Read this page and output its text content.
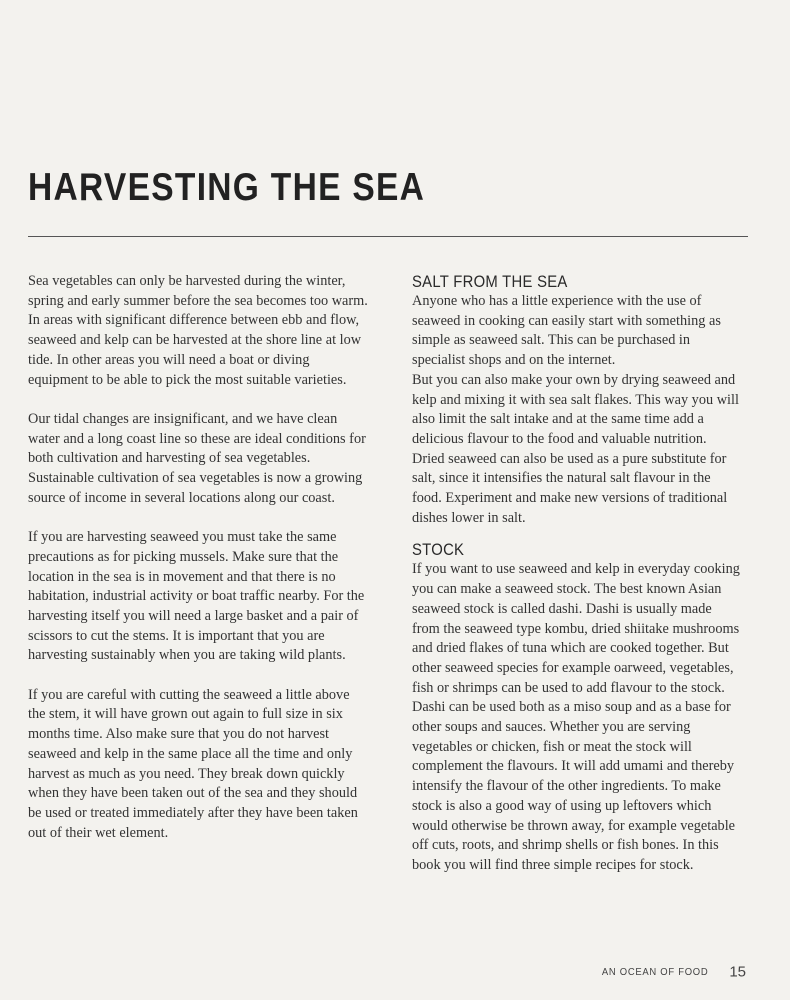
HARVESTING THE SEA

Sea vegetables can only be harvested during the winter, spring and early summer before the sea becomes too warm. In areas with significant difference between ebb and flow, seaweed and kelp can be harvested at the shore line at low tide. In other areas you will need a boat or diving equipment to be able to pick the most suitable varieties.

Our tidal changes are insignificant, and we have clean water and a long coast line so these are ideal conditions for both cultivation and harvesting of sea vegetables. Sustainable cultivation of sea vegetables is now a growing source of income in several locations along our coast.

If you are harvesting seaweed you must take the same precautions as for picking mussels. Make sure that the location in the sea is in movement and that there is no habitation, industrial activity or boat traffic nearby. For the harvesting itself you will need a large basket and a pair of scissors to cut the stems. It is important that you are harvesting sustainably when you are taking wild plants.

If you are careful with cutting the seaweed a little above the stem, it will have grown out again to full size in six months time. Also make sure that you do not harvest seaweed and kelp in the same place all the time and only harvest as much as you need. They break down quickly when they have been taken out of the sea and they should be used or treated immediately after they have been taken out of their wet element.

SALT FROM THE SEA

Anyone who has a little experience with the use of seaweed in cooking can easily start with something as simple as seaweed salt. This can be purchased in specialist shops and on the internet.

But you can also make your own by drying seaweed and kelp and mixing it with sea salt flakes. This way you will also limit the salt intake and at the same time add a delicious flavour to the food and valuable nutrition. Dried seaweed can also be used as a pure substitute for salt, since it intensifies the natural salt flavour in the food. Experiment and make new versions of traditional dishes lower in salt.

STOCK

If you want to use seaweed and kelp in everyday cooking you can make a seaweed stock. The best known Asian seaweed stock is called dashi. Dashi is usually made from the seaweed type kombu, dried shiitake mushrooms and dried flakes of tuna which are cooked together. But other seaweed species for example oarweed, vegetables, fish or shrimps can be used to add flavour to the stock. Dashi can be used both as a miso soup and as a base for other soups and sauces. Whether you are serving vegetables or chicken, fish or meat the stock will complement the flavours. It will add umami and thereby intensify the flavour of the other ingredients. To make stock is also a good way of using up leftovers which would otherwise be thrown away, for example vegetable off cuts, roots, and shrimp shells or fish bones. In this book you will find three simple recipes for stock.

AN OCEAN OF FOOD 15
